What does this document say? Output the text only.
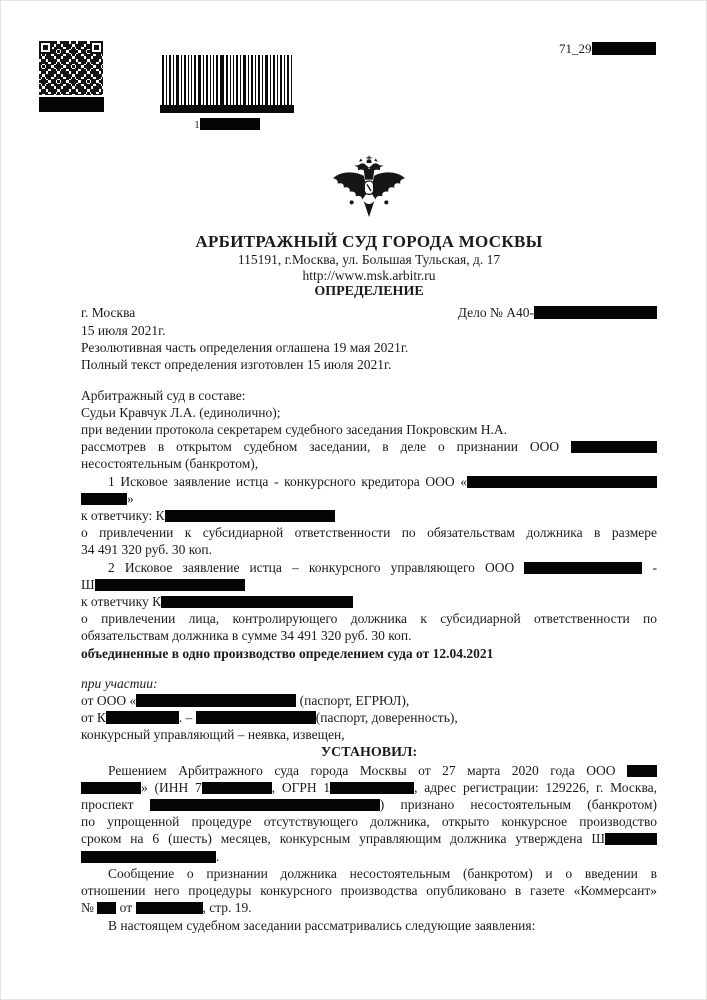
1
71_29
АРБИТРАЖНЫЙ СУД ГОРОДА МОСКВЫ
115191, г.Москва, ул. Большая Тульская, д. 17
http://www.msk.arbitr.ru
ОПРЕДЕЛЕНИЕ
г. Москва	Дело № А40-
15 июля 2021г.
Резолютивная часть определения оглашена 19 мая 2021г.
Полный текст определения изготовлен 15 июля 2021г.
Арбитражный суд в составе:
Судьи Кравчук Л.А. (единолично);
при ведении протокола секретарем судебного заседания Покровским Н.А.
рассмотрев в открытом судебном заседании, в деле о признании ООО
несостоятельным (банкротом),
1 Исковое заявление истца - конкурсного кредитора ООО «
»
к ответчику: К
о привлечении к субсидиарной ответственности по обязательствам должника в размере
34 491 320 руб. 30 коп.
2 Исковое заявление истца – конкурсного управляющего ООО	-
Ш
к ответчику К
о привлечении лица, контролирующего должника к субсидиарной ответственности по
обязательствам должника в сумме 34 491 320 руб. 30 коп.
объединенные в одно производство определением суда от 12.04.2021
при участии:
от ООО «	(паспорт, ЕГРЮЛ),
от К	. –	(паспорт, доверенность),
конкурсный управляющий – неявка, извещен,
УСТАНОВИЛ:
Решением Арбитражного суда города Москвы от 27 марта 2020 года ООО
» (ИНН 7	, ОГРН 1	, адрес регистрации: 129226, г. Москва,
проспект	) признано несостоятельным (банкротом)
по упрощенной процедуре отсутствующего должника, открыто конкурсное производство
сроком на 6 (шесть) месяцев, конкурсным управляющим должника утверждена Ш
.
Сообщение о признании должника несостоятельным (банкротом) и о введении в
отношении него процедуры конкурсного производства опубликовано в газете «Коммерсант»
№ от	, стр. 19.
В настоящем судебном заседании рассматривались следующие заявления:
